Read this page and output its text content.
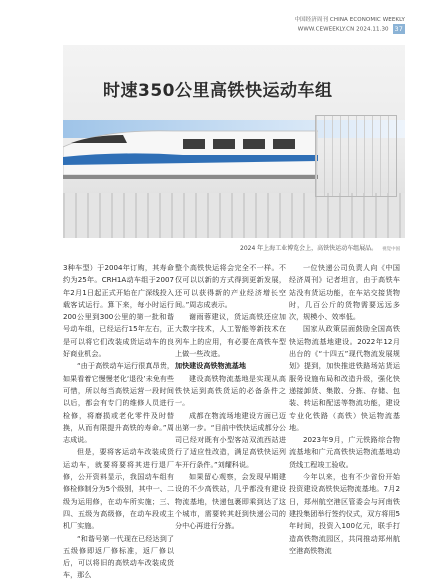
中国经济周刊 CHINA ECONOMIC WEEKLY
WWW.CEWEEKLY.CN 2024.11.30 37
时速350公里高铁快运动车组
2024 年上海工业博览会上，高铁快运动车组展品。 视觉中国

3种车型）于2004年订购，其寿命约为25年。CRH1A动车组于2007年2月1日起正式开始在广深线投入载客试运行。算下来，每小时运行200公里到300公里的第一批和谐号动车组，已经运行15年左右，正是可以将它们改装成货运动车的良好商业机会。

“由于高铁动车运行很真昂贵，如果看着它慢慢老化‘退役’未免有些可惜，所以每当高铁运营一段时间以后，都会有专门的维修人员进行检修，将磨损或老化零件及时替换，从而有限提升高铁的寿命。”周志成说。

但是，要将客运动车改装成货运动车，就要将要将其进行退厂修，公开资料显示，我国动车组有修检修制分为5个级别，其中一、二级为运用修，在动车所实施；三、四、五级为高级修，在动车段或主机厂实施。

“和谐号第一代现在已经达到了五级修即返厂修标准，返厂修以后，可以将旧的高铁动车改装成货车，那么

整个高铁快运将会完全不一样。不仅可以以新的方式得到更新发展，还可以获得新的产业经济增长空间。”周志成表示。

谢雨蓉建议，货运高铁还应加大数字技术，人工智能等新技术在列车上的应用，有必要在高铁车型上做一些改进。

加快建设高铁物流基地

建设高铁物流基地是实现从高铁快运到高铁货运的必备条件之一。

成都在物流场地建设方面已迈出第一步。“目前中铁快运成都分公司已经对既有小型客站双流西站进行了适应性改造，满足高铁快运列车开行条件。”刘耀科说。

如果留心观察，会发现早期建设的不少高铁站，几乎都没有建设物流基地，快递包裹即乘到达了这个城市，需要转其赶到快递公司的分中心再进行分拣。

一位快递公司负责人向《中国经济周刊》记者坦言，由于高铁车站没有货运功能，在车站交接货物时，几百公斤的货物需要远远多次，规模小、效率低。

国家从政策层面鼓励全国高铁快运物流基地建设。2022年12月出台的《“十四五”现代物流发展规划》提到，加快推进铁路场站货运服务设施布局和改造升级，强化快递接卸货、集散、分拣、存储、包装、转运和配送等物流功能，建设专业化铁路（高铁）快运物流基地。

2023年9月，广元铁路综合物流基地和广元高铁快运物流基地动货线工程竣工验收。

今年以来，也有不少省份开始投资建设高铁快运物流基地。7月2日，郑州航空港区管委会与河南铁建投集团举行签约仪式，双方将用5年时间，投资入100亿元，联手打造高铁物流园区，共同推动郑州航空港高铁物流
